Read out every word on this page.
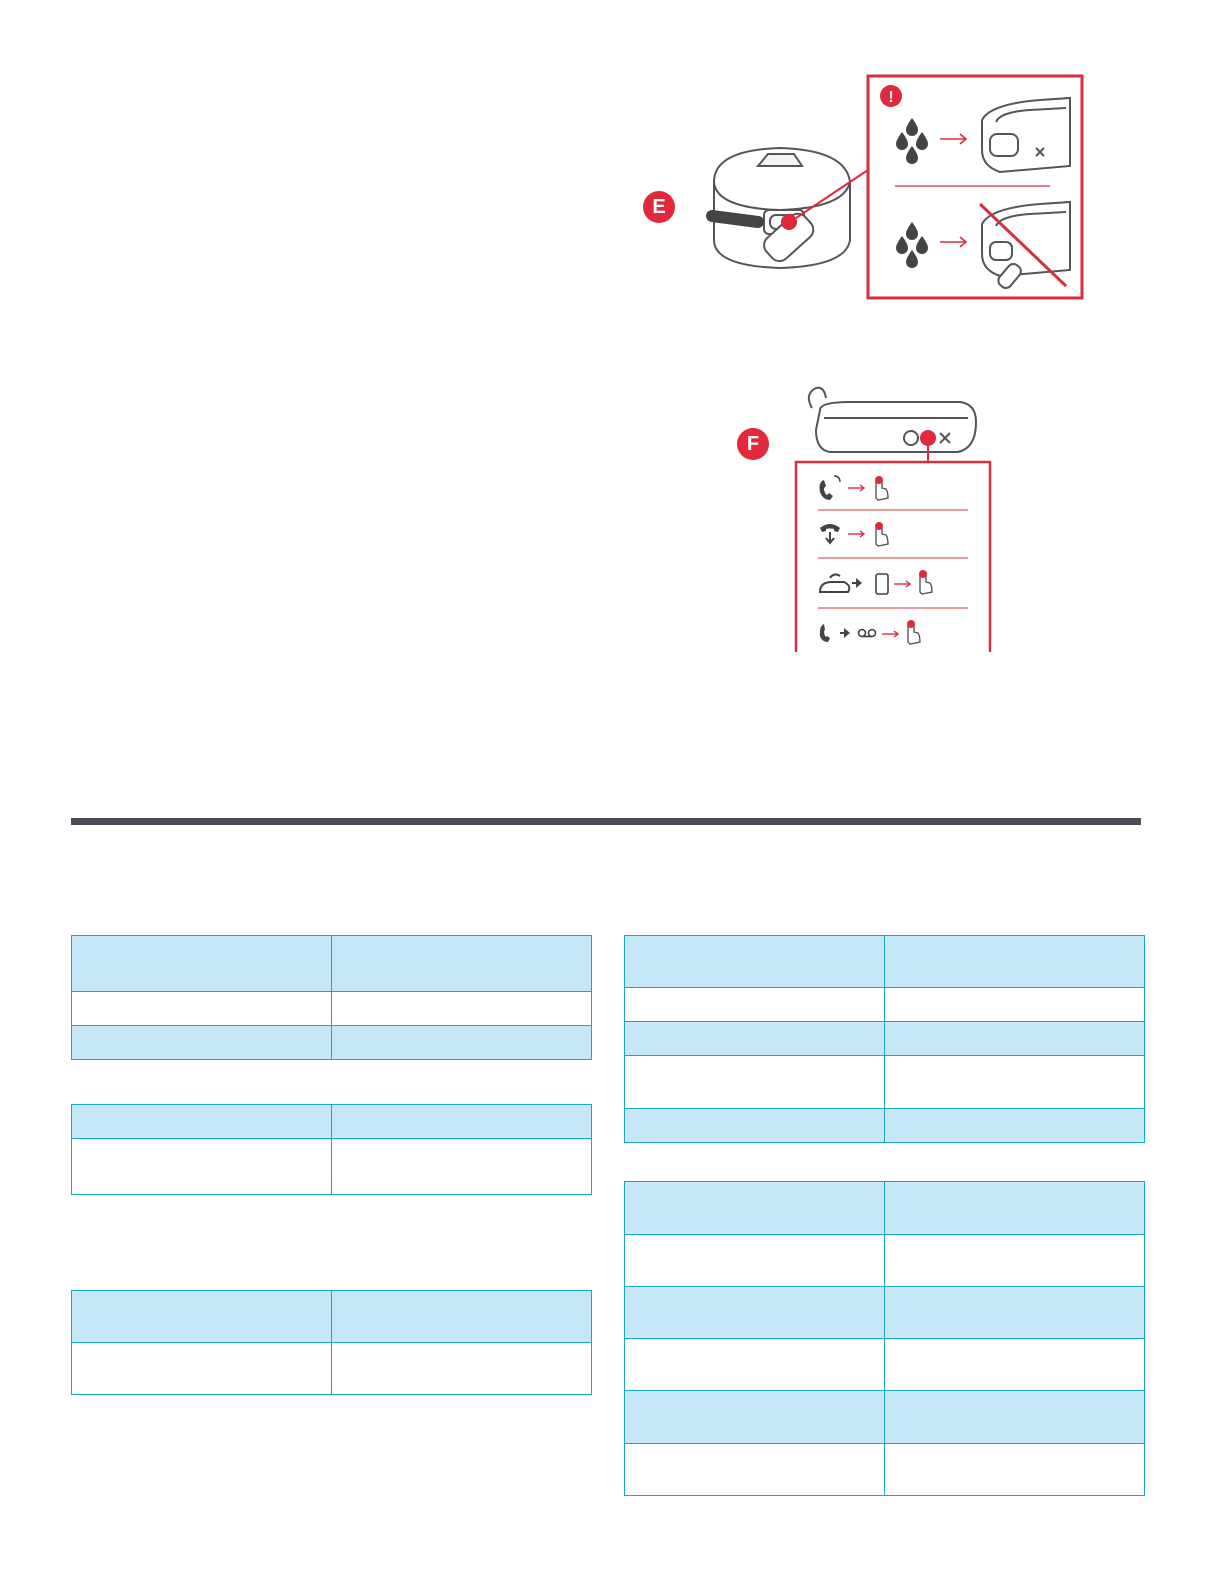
E
!
F
